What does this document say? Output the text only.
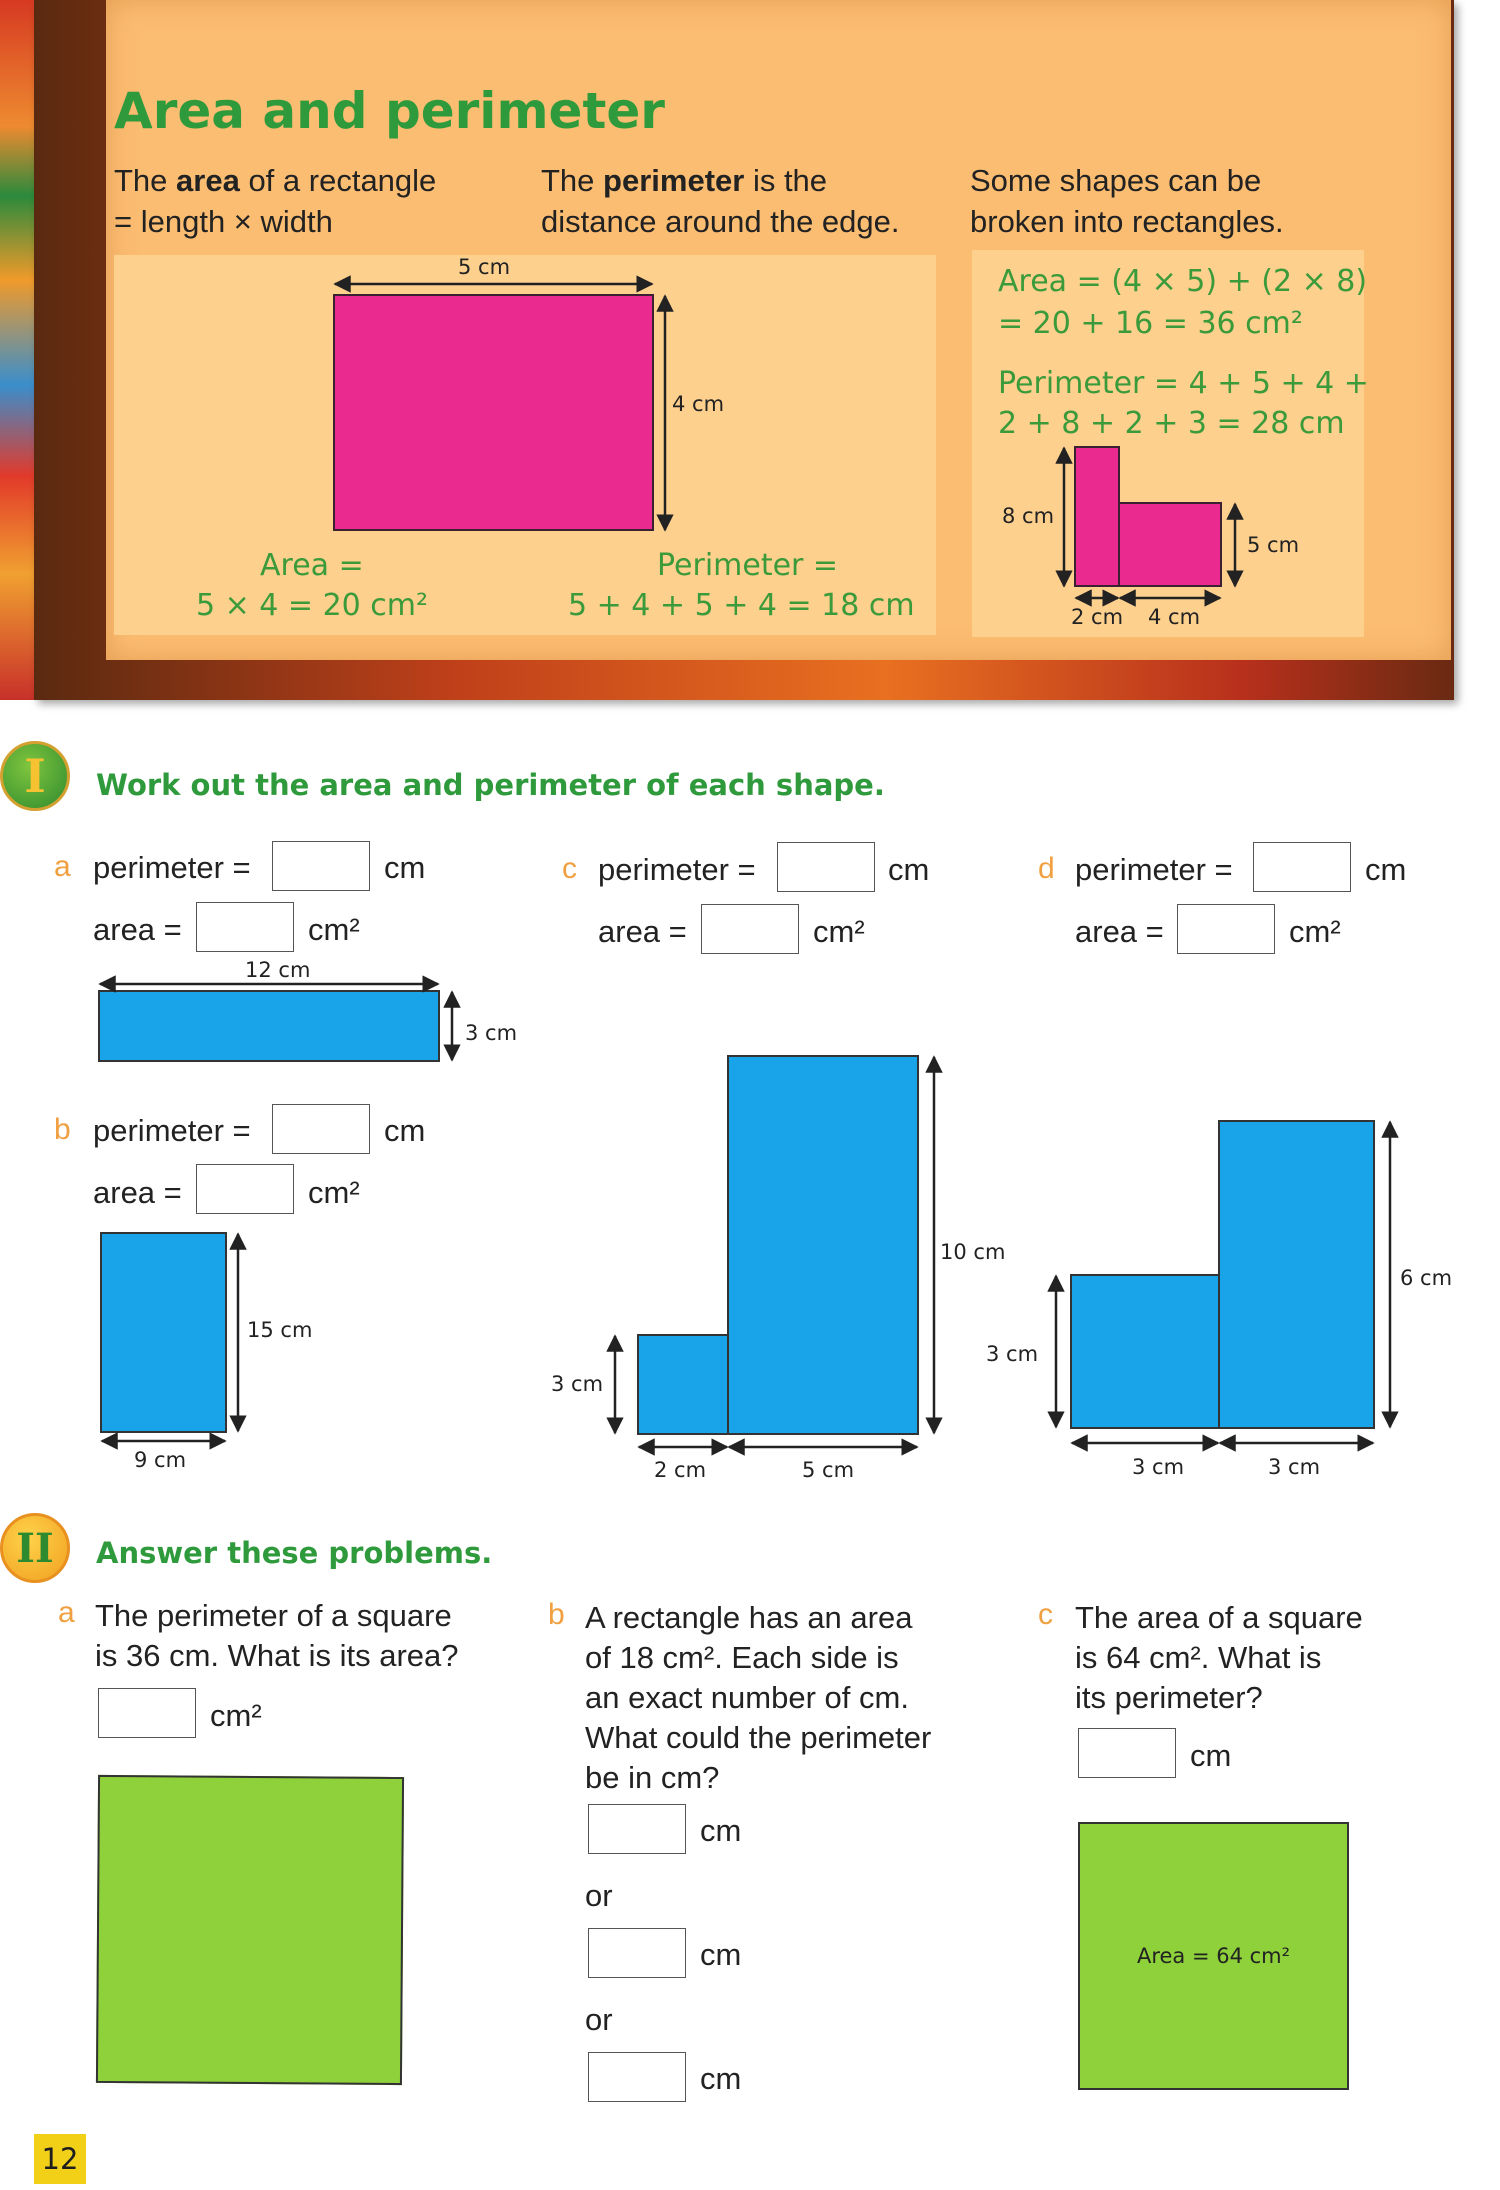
Area and perimeter
The area of a rectangle
= length × width
The perimeter is the
distance around the edge.
Some shapes can be
broken into rectangles.
5 cm
4 cm
Area =
5 × 4 = 20 cm²
Perimeter =
5 + 4 + 5 + 4 = 18 cm
Area = (4 × 5) + (2 × 8)
= 20 + 16 = 36 cm²
Perimeter = 4 + 5 + 4 +
2 + 8 + 2 + 3 = 28 cm
8 cm
5 cm
2 cm 4 cm
I	Work out the area and perimeter of each shape.
a perimeter =	cm
area =	cm²
12 cm
3 cm
b perimeter =	cm
area =	cm²
15 cm
9 cm
c perimeter =	cm
area =	cm²
10 cm
3 cm
2 cm	5 cm
d perimeter =	cm
area =	cm²
6 cm
3 cm
3 cm	3 cm
II	Answer these problems.
a The perimeter of a square
is 36 cm. What is its area?
cm²
b A rectangle has an area
of 18 cm². Each side is
an exact number of cm.
What could the perimeter
be in cm?
cm
or
cm
or
cm
c The area of a square
is 64 cm². What is
its perimeter?
cm
Area = 64 cm²
12
